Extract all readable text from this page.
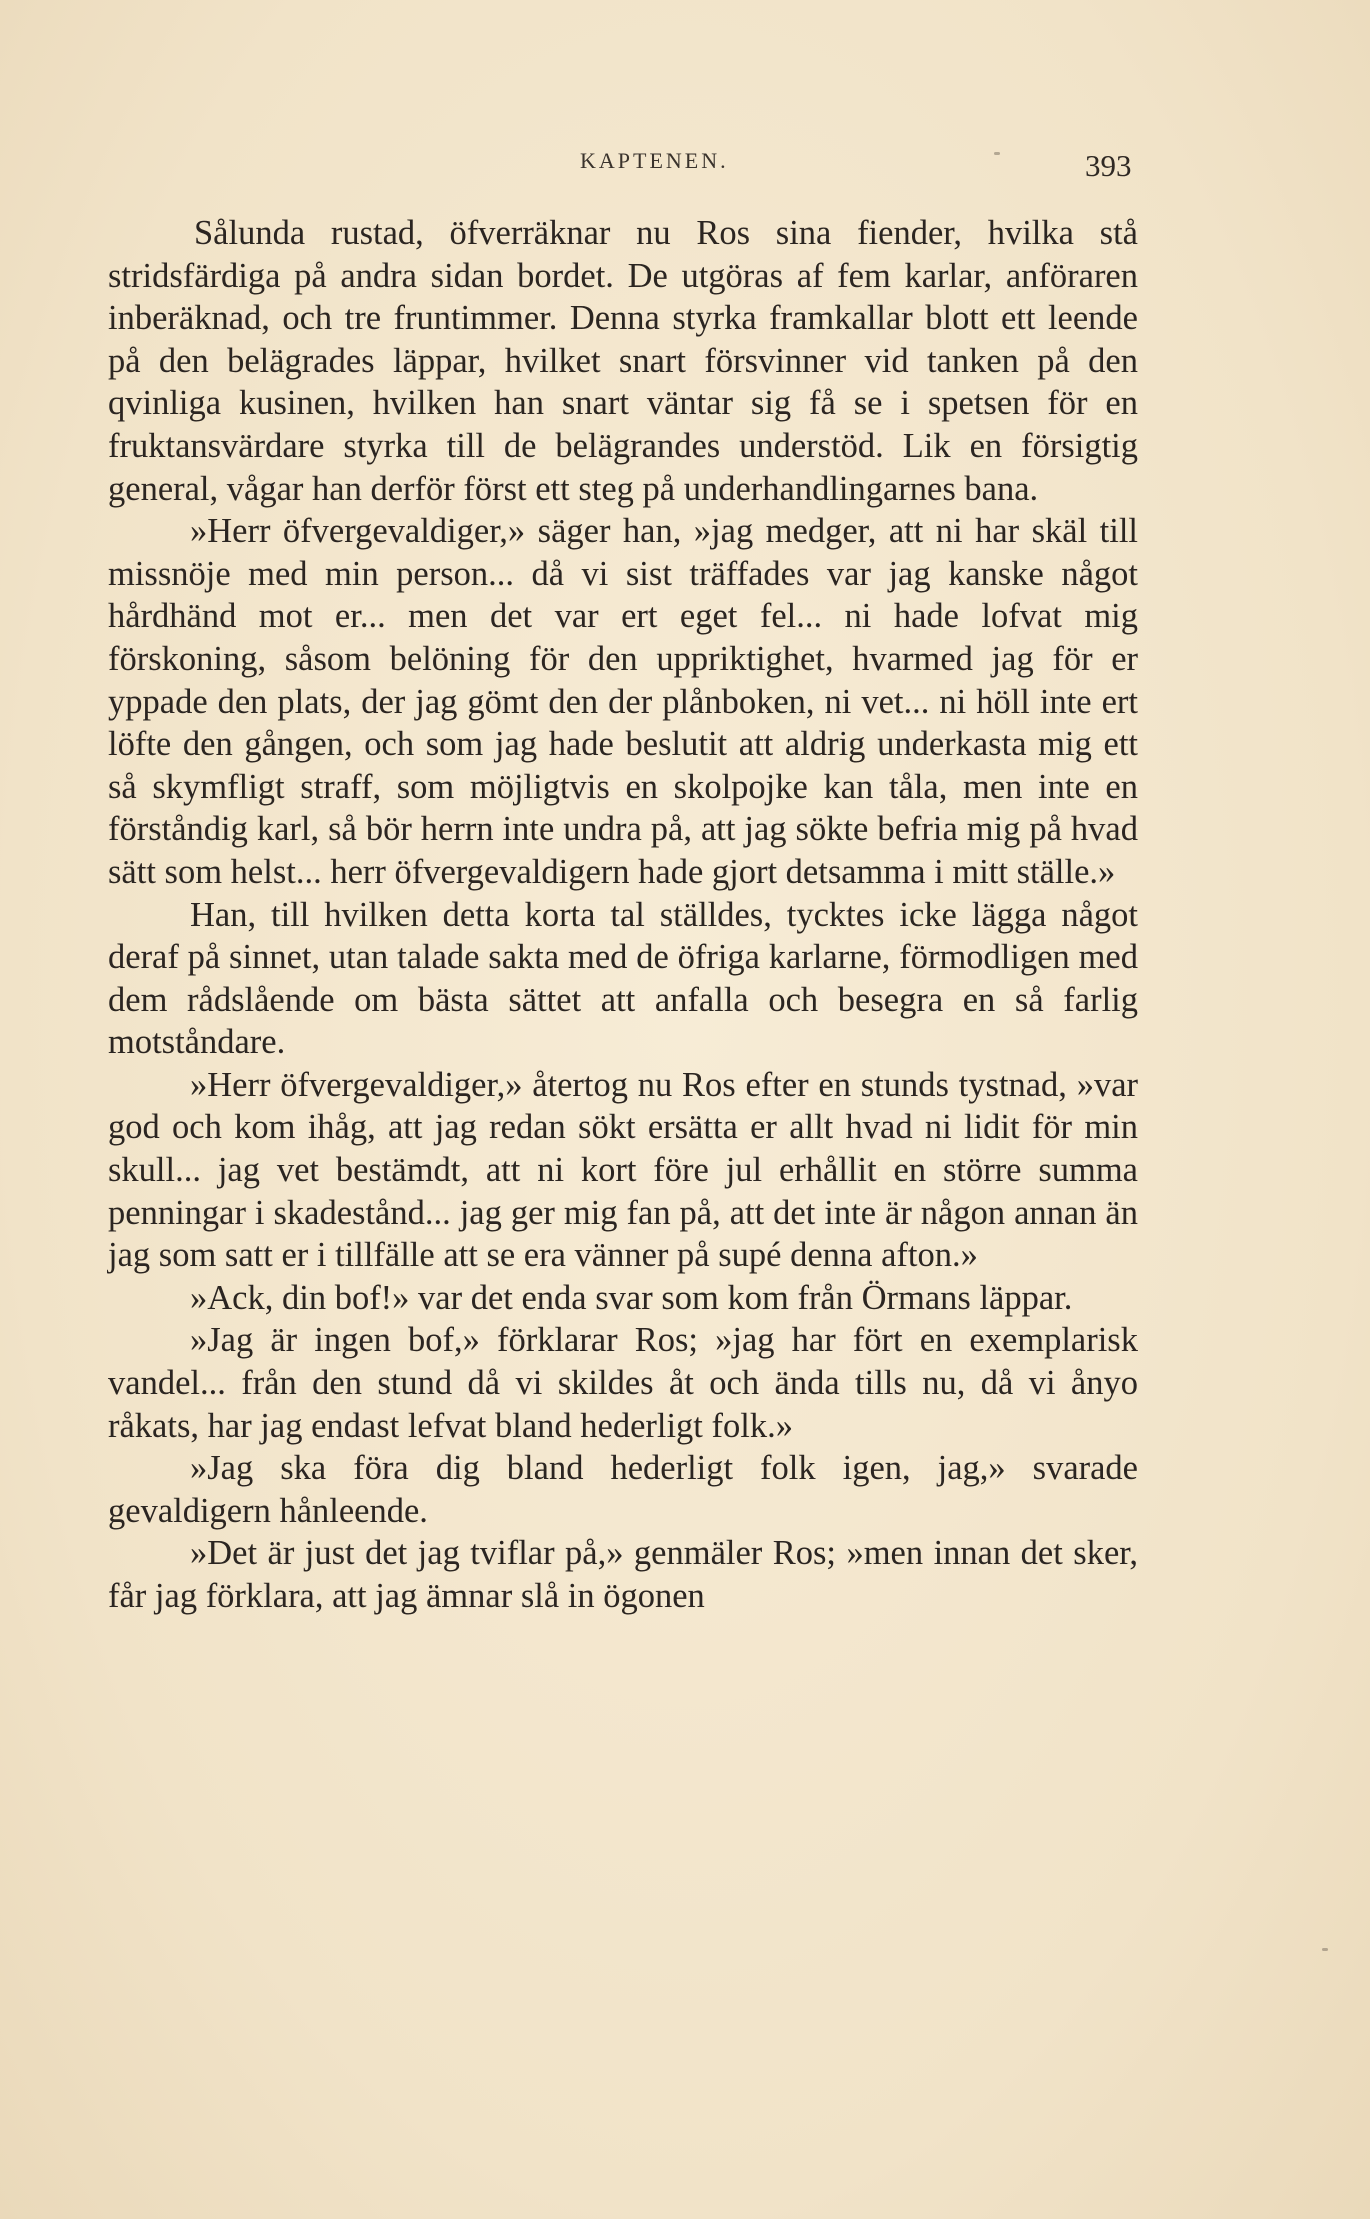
KAPTENEN.	393

Sålunda rustad, öfverräknar nu Ros sina fiender, hvilka stå stridsfärdiga på andra sidan bordet. De utgöras af fem karlar, anföraren inberäknad, och tre fruntimmer. Denna styrka framkallar blott ett leende på den belägrades läppar, hvilket snart försvinner vid tanken på den qvinliga kusinen, hvilken han snart väntar sig få se i spetsen för en fruktansvärdare styrka till de belägrandes understöd. Lik en försigtig general, vågar han derför först ett steg på underhandlingarnes bana.

»Herr öfvergevaldiger,» säger han, »jag medger, att ni har skäl till missnöje med min person... då vi sist träffades var jag kanske något hårdhänd mot er... men det var ert eget fel... ni hade lofvat mig förskoning, såsom belöning för den uppriktighet, hvarmed jag för er yppade den plats, der jag gömt den der plånboken, ni vet... ni höll inte ert löfte den gången, och som jag hade beslutit att aldrig underkasta mig ett så skymfligt straff, som möjligtvis en skolpojke kan tåla, men inte en förståndig karl, så bör herrn inte undra på, att jag sökte befria mig på hvad sätt som helst... herr öfvergevaldigern hade gjort detsamma i mitt ställe.»

Han, till hvilken detta korta tal ställdes, tycktes icke lägga något deraf på sinnet, utan talade sakta med de öfriga karlarne, förmodligen med dem rådslående om bästa sättet att anfalla och besegra en så farlig motståndare.

»Herr öfvergevaldiger,» återtog nu Ros efter en stunds tystnad, »var god och kom ihåg, att jag redan sökt ersätta er allt hvad ni lidit för min skull... jag vet bestämdt, att ni kort före jul erhållit en större summa penningar i skadestånd... jag ger mig fan på, att det inte är någon annan än jag som satt er i tillfälle att se era vänner på supé denna afton.»

»Ack, din bof!» var det enda svar som kom från Örmans läppar.

»Jag är ingen bof,» förklarar Ros; »jag har fört en exemplarisk vandel... från den stund då vi skildes åt och ända tills nu, då vi ånyo råkats, har jag endast lefvat bland hederligt folk.»

»Jag ska föra dig bland hederligt folk igen, jag,» svarade gevaldigern hånleende.

»Det är just det jag tviflar på,» genmäler Ros; »men innan det sker, får jag förklara, att jag ämnar slå in ögonen
